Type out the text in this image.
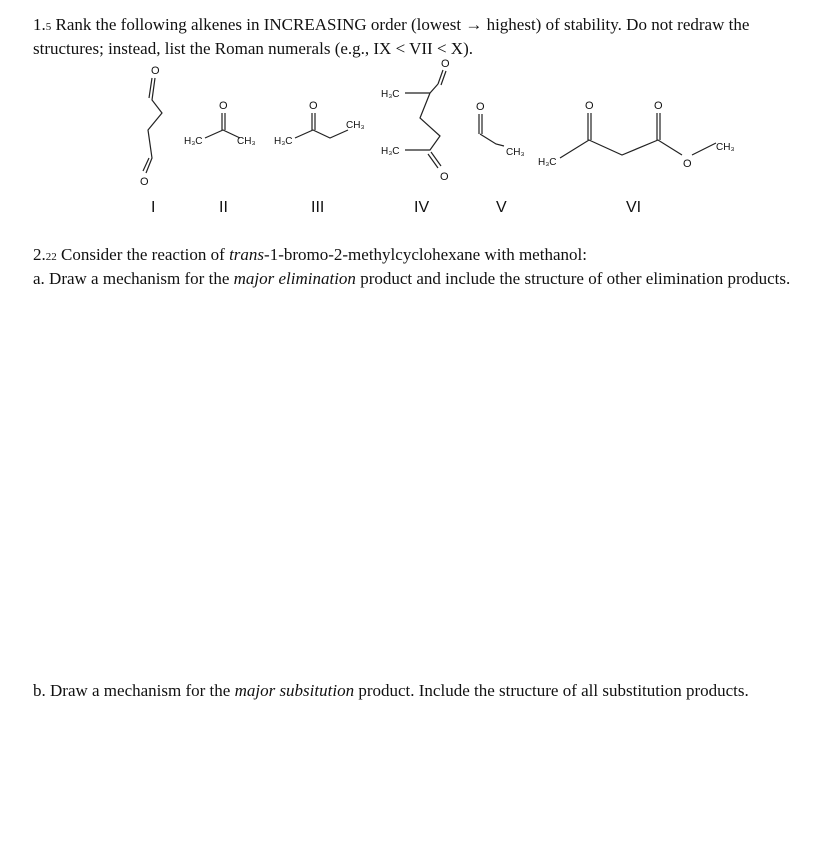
1.5 Rank the following alkenes in INCREASING order (lowest → highest) of stability. Do not redraw the
structures; instead, list the Roman numerals (e.g., IX < VII < X).

O
O
O
H₃C	CH₃
O
H₃C
CH₃
O
H₃C
H₃C
O
O
CH₃
H₃C
O	O
O
CH₃
I	II	III	IV	V	VI

2.22 Consider the reaction of trans-1-bromo-2-methylcyclohexane with methanol:
a. Draw a mechanism for the major elimination product and include the structure of other elimination products.

b. Draw a mechanism for the major subsitution product. Include the structure of all substitution products.
